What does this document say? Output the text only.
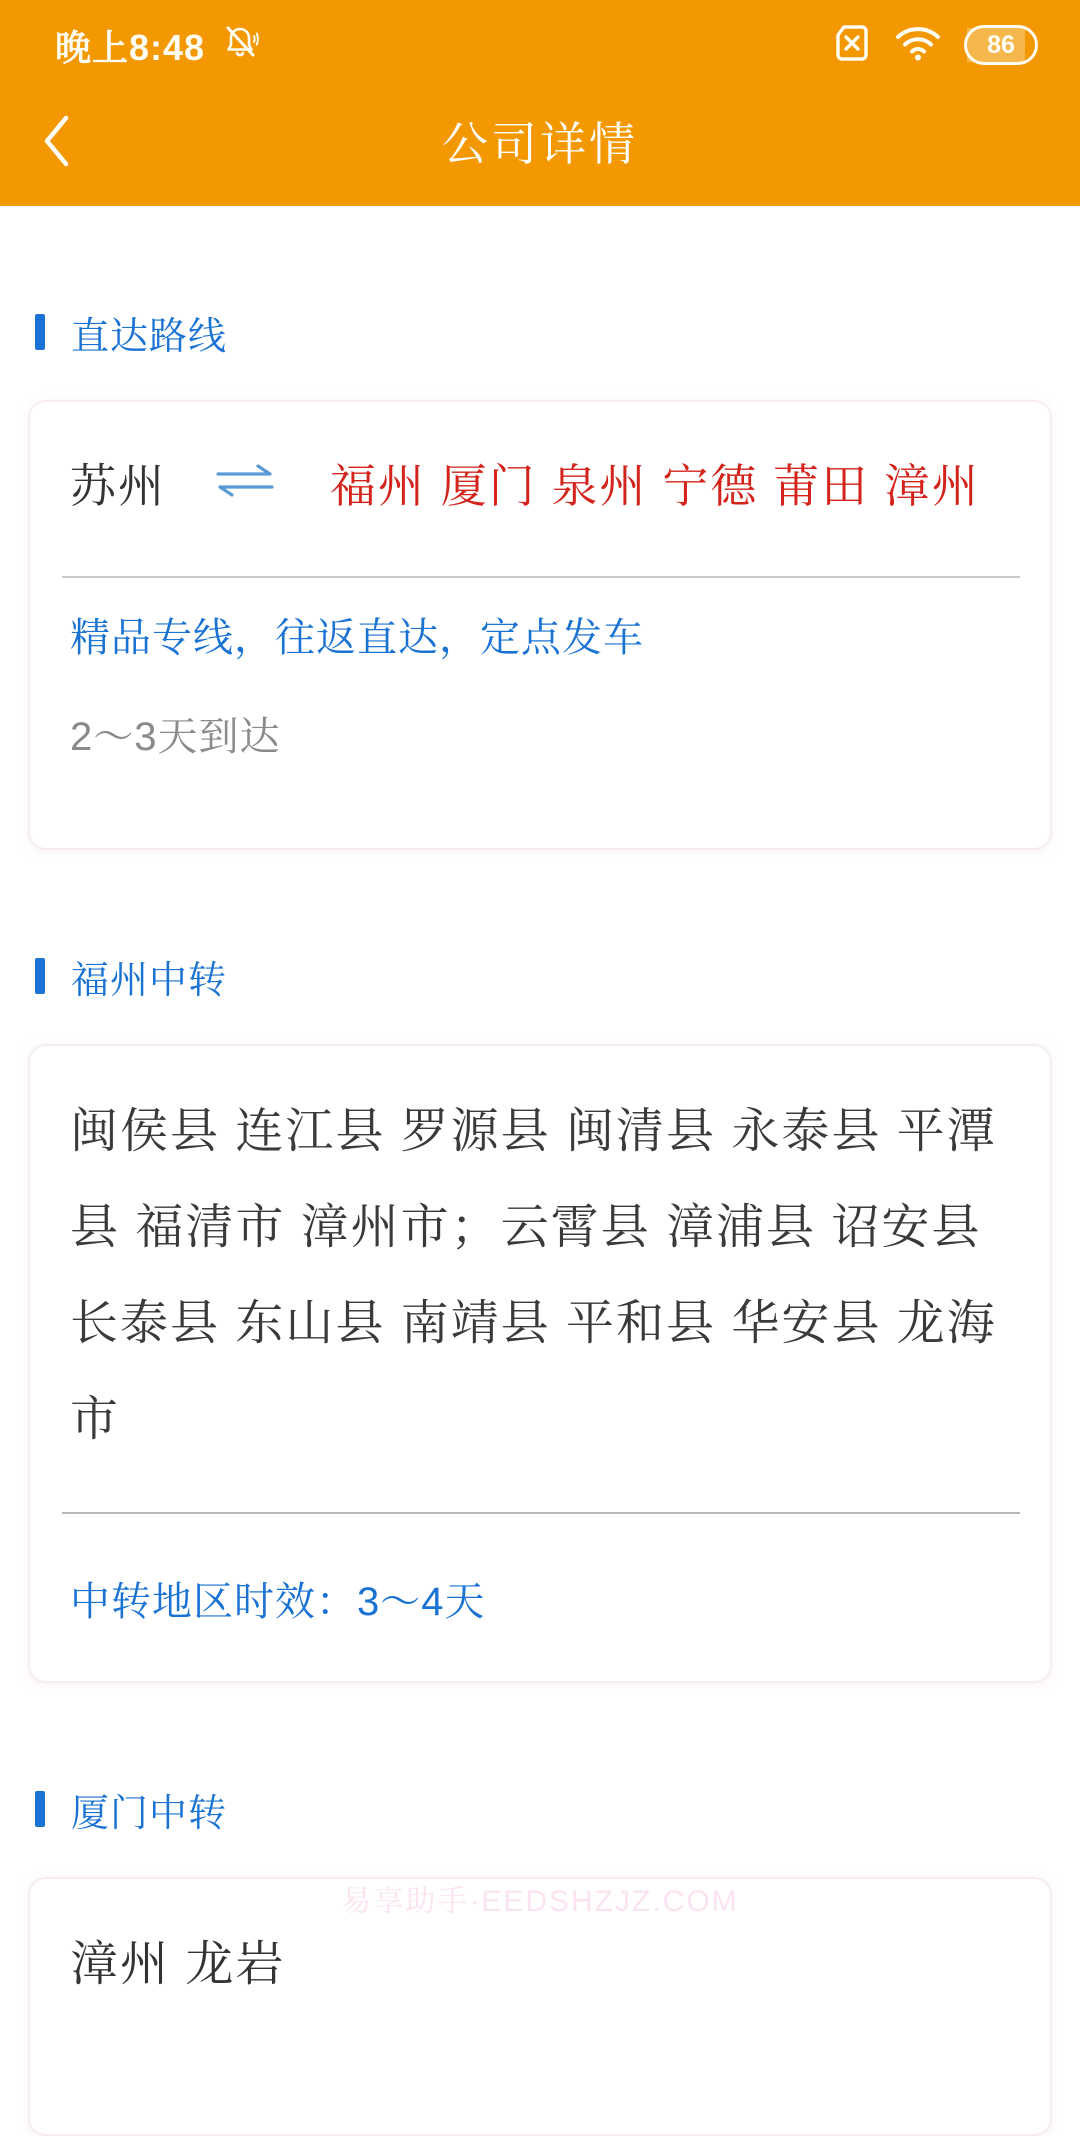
晚上8:48	86
公司详情
直达路线
苏州	福州 厦门 泉州 宁德 莆田 漳州
精品专线，往返直达，定点发车
2～3天到达
福州中转
闽侯县 连江县 罗源县 闽清县 永泰县 平潭县 福清市 漳州市；云霄县 漳浦县 诏安县 长泰县 东山县 南靖县 平和县 华安县 龙海市
中转地区时效：3～4天
厦门中转
漳州 龙岩
易享助手·EEDSHZJZ.COM
